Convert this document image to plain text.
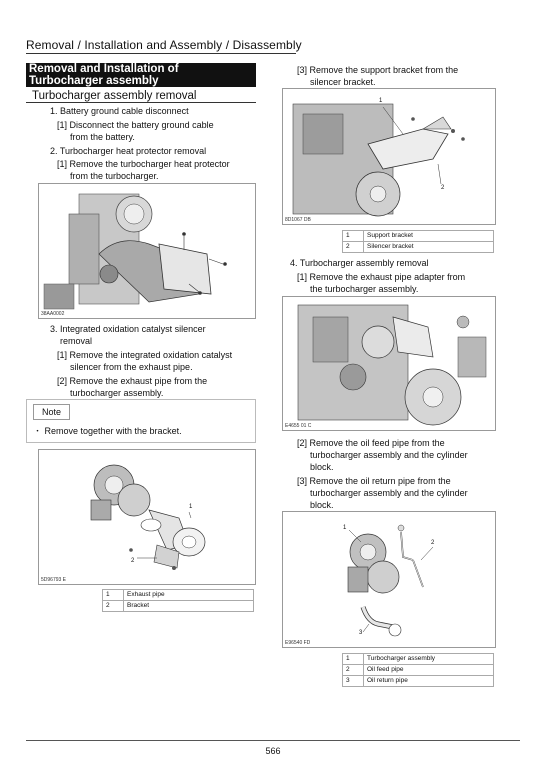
Removal / Installation and Assembly / Disassembly
Removal and Installation of
Turbocharger assembly
Turbocharger assembly removal
1. Battery ground cable disconnect
[1] Disconnect the battery ground cable
from the battery.
2. Turbocharger heat protector removal
[1] Remove the turbocharger heat protector
from the turbocharger.
38AA0002
3. Integrated oxidation catalyst silencer
removal
[1] Remove the integrated oxidation catalyst
silencer from the exhaust pipe.
[2] Remove the exhaust pipe from the
turbocharger assembly.
Note
・ Remove together with the bracket.
1
2
5D96793 E
1	Exhaust pipe
2	Bracket
[3] Remove the support bracket from the
silencer bracket.
1
2
8D1067 DB
1	Support bracket
2	Silencer bracket
4. Turbocharger assembly removal
[1] Remove the exhaust pipe adapter from
the turbocharger assembly.
E4655 01 C
[2] Remove the oil feed pipe from the
turbocharger assembly and the cylinder
block.
[3] Remove the oil return pipe from the
turbocharger assembly and the cylinder
block.
1
2
3
E96540 FD
1	Turbocharger assembly
2	Oil feed pipe
3	Oil return pipe
566
